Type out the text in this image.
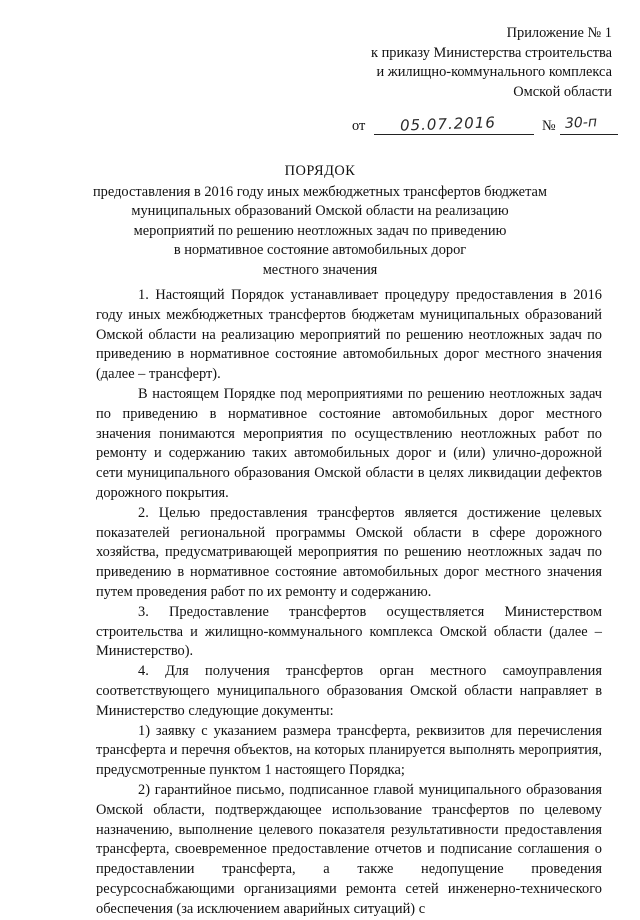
Приложение № 1
к приказу Министерства строительства
и жилищно-коммунального комплекса
Омской области
от 05.07.2016	№ 30-п
ПОРЯДОК
предоставления в 2016 году иных межбюджетных трансфертов бюджетам
муниципальных образований Омской области на реализацию
мероприятий по решению неотложных задач по приведению
в нормативное состояние автомобильных дорог
местного значения

1. Настоящий Порядок устанавливает процедуру предоставления в 2016 году иных межбюджетных трансфертов бюджетам муниципальных образований Омской области на реализацию мероприятий по решению неотложных задач по приведению в нормативное состояние автомобильных дорог местного значения (далее – трансферт).

В настоящем Порядке под мероприятиями по решению неотложных задач по приведению в нормативное состояние автомобильных дорог местного значения понимаются мероприятия по осуществлению неотложных работ по ремонту и содержанию таких автомобильных дорог и (или) улично-дорожной сети муниципального образования Омской области в целях ликвидации дефектов дорожного покрытия.

2. Целью предоставления трансфертов является достижение целевых показателей региональной программы Омской области в сфере дорожного хозяйства, предусматривающей мероприятия по решению неотложных задач по приведению в нормативное состояние автомобильных дорог местного значения путем проведения работ по их ремонту и содержанию.

3. Предоставление трансфертов осуществляется Министерством строительства и жилищно-коммунального комплекса Омской области (далее – Министерство).

4. Для получения трансфертов орган местного самоуправления соответствующего муниципального образования Омской области направляет в Министерство следующие документы:

1) заявку с указанием размера трансферта, реквизитов для перечисления трансферта и перечня объектов, на которых планируется выполнять мероприятия, предусмотренные пунктом 1 настоящего Порядка;

2) гарантийное письмо, подписанное главой муниципального образования Омской области, подтверждающее использование трансфертов по целевому назначению, выполнение целевого показателя результативности предоставления трансферта, своевременное предоставление отчетов и подписание соглашения о предоставлении трансферта, а также недопущение проведения ресурсоснабжающими организациями ремонта сетей инженерно-технического обеспечения (за исключением аварийных ситуаций) с
